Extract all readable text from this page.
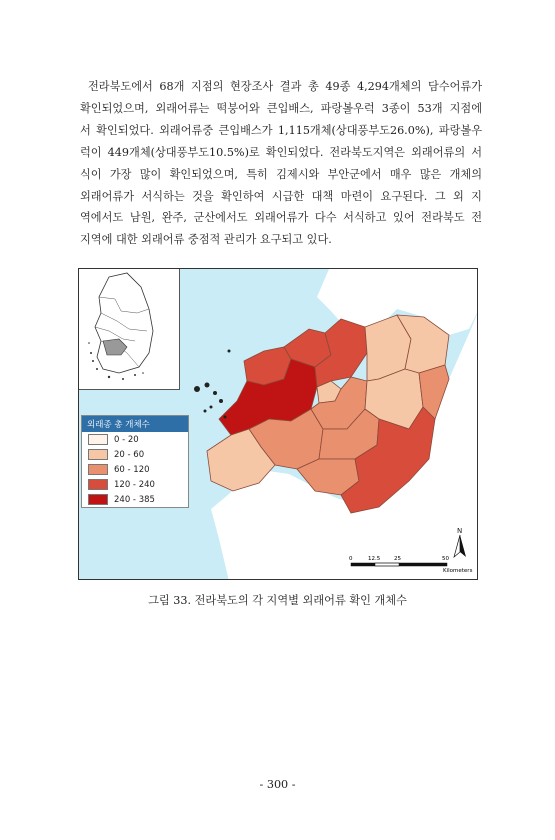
전라북도에서 68개 지점의 현장조사 결과 총 49종 4,294개체의 담수어류가
확인되었으며, 외래어류는 떡붕어와 큰입배스, 파랑볼우럭 3종이 53개 지점에
서 확인되었다. 외래어류중 큰입배스가 1,115개체(상대풍부도26.0%), 파랑볼우
럭이 449개체(상대풍부도10.5%)로 확인되었다. 전라북도지역은 외래어류의 서
식이 가장 많이 확인되었으며, 특히 김제시와 부안군에서 매우 많은 개체의
외래어류가 서식하는 것을 확인하여 시급한 대책 마련이 요구된다. 그 외 지
역에서도 남원, 완주, 군산에서도 외래어류가 다수 서식하고 있어 전라북도 전
지역에 대한 외래어류 중점적 관리가 요구되고 있다.
외래종 총 개체수
0 - 20
20 - 60
60 - 120
120 - 240
240 - 385
N
0	12.5	25	50
Kilometers
그림 33. 전라북도의 각 지역별 외래어류 확인 개체수
- 300 -
